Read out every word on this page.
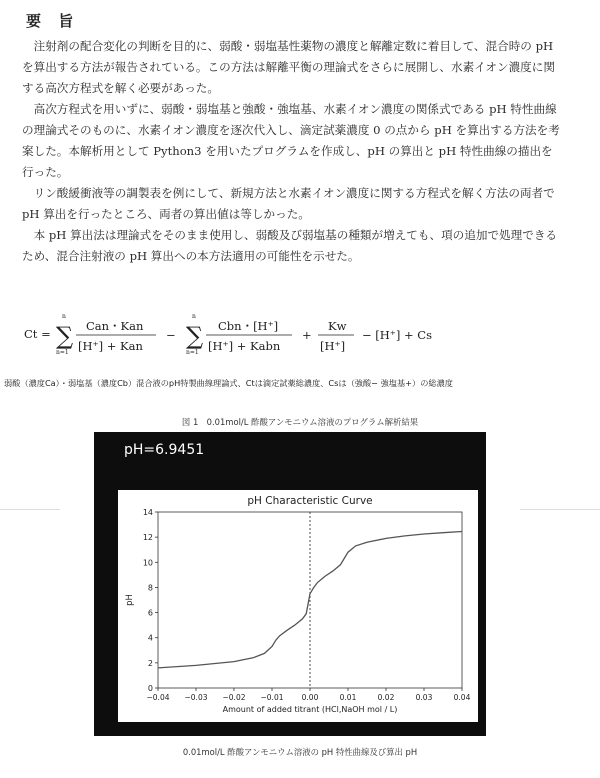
要 旨

注射剤の配合変化の判断を目的に、弱酸・弱塩基性薬物の濃度と解離定数に着目して、混合時の pH を算出する方法が報告されている。この方法は解離平衡の理論式をさらに展開し、水素イオン濃度に関する高次方程式を解く必要があった。

高次方程式を用いずに、弱酸・弱塩基と強酸・強塩基、水素イオン濃度の関係式である pH 特性曲線の理論式そのものに、水素イオン濃度を逐次代入し、滴定試薬濃度 0 の点から pH を算出する方法を考案した。本解析用として Python3 を用いたプログラムを作成し、pH の算出と pH 特性曲線の描出を行った。

リン酸緩衝液等の調製表を例にして、新規方法と水素イオン濃度に関する方程式を解く方法の両者で pH 算出を行ったところ、両者の算出値は等しかった。

本 pH 算出法は理論式をそのまま使用し、弱酸及び弱塩基の種類が増えても、項の追加で処理できるため、混合注射液の pH 算出への本方法適用の可能性を示せた。

Ct = ∑
n
n=1
Can・Kan
[H⁺] + Kan
− ∑
n
n=1
Cbn・[H⁺]
[H⁺] + Kabn
+
Kw
[H⁺]
− [H⁺] + Cs
弱酸（濃度Ca）・弱塩基（濃度Cb）混合液のpH特製曲線理論式、Ctは滴定試薬総濃度、Csは（強酸− 強塩基+）の総濃度
図 1　0.01mol/L 酢酸アンモニウム溶液のプログラム解析結果
pH=6.9451
pH Characteristic Curve
0
2
4
6
8
10
12
14
−0.04 −0.03 −0.02 −0.01 0.00	0.01	0.02	0.03	0.04
Amount of added titrant (HCl,NaOH mol / L)
pH
0.01mol/L 酢酸アンモニウム溶液の pH 特性曲線及び算出 pH
